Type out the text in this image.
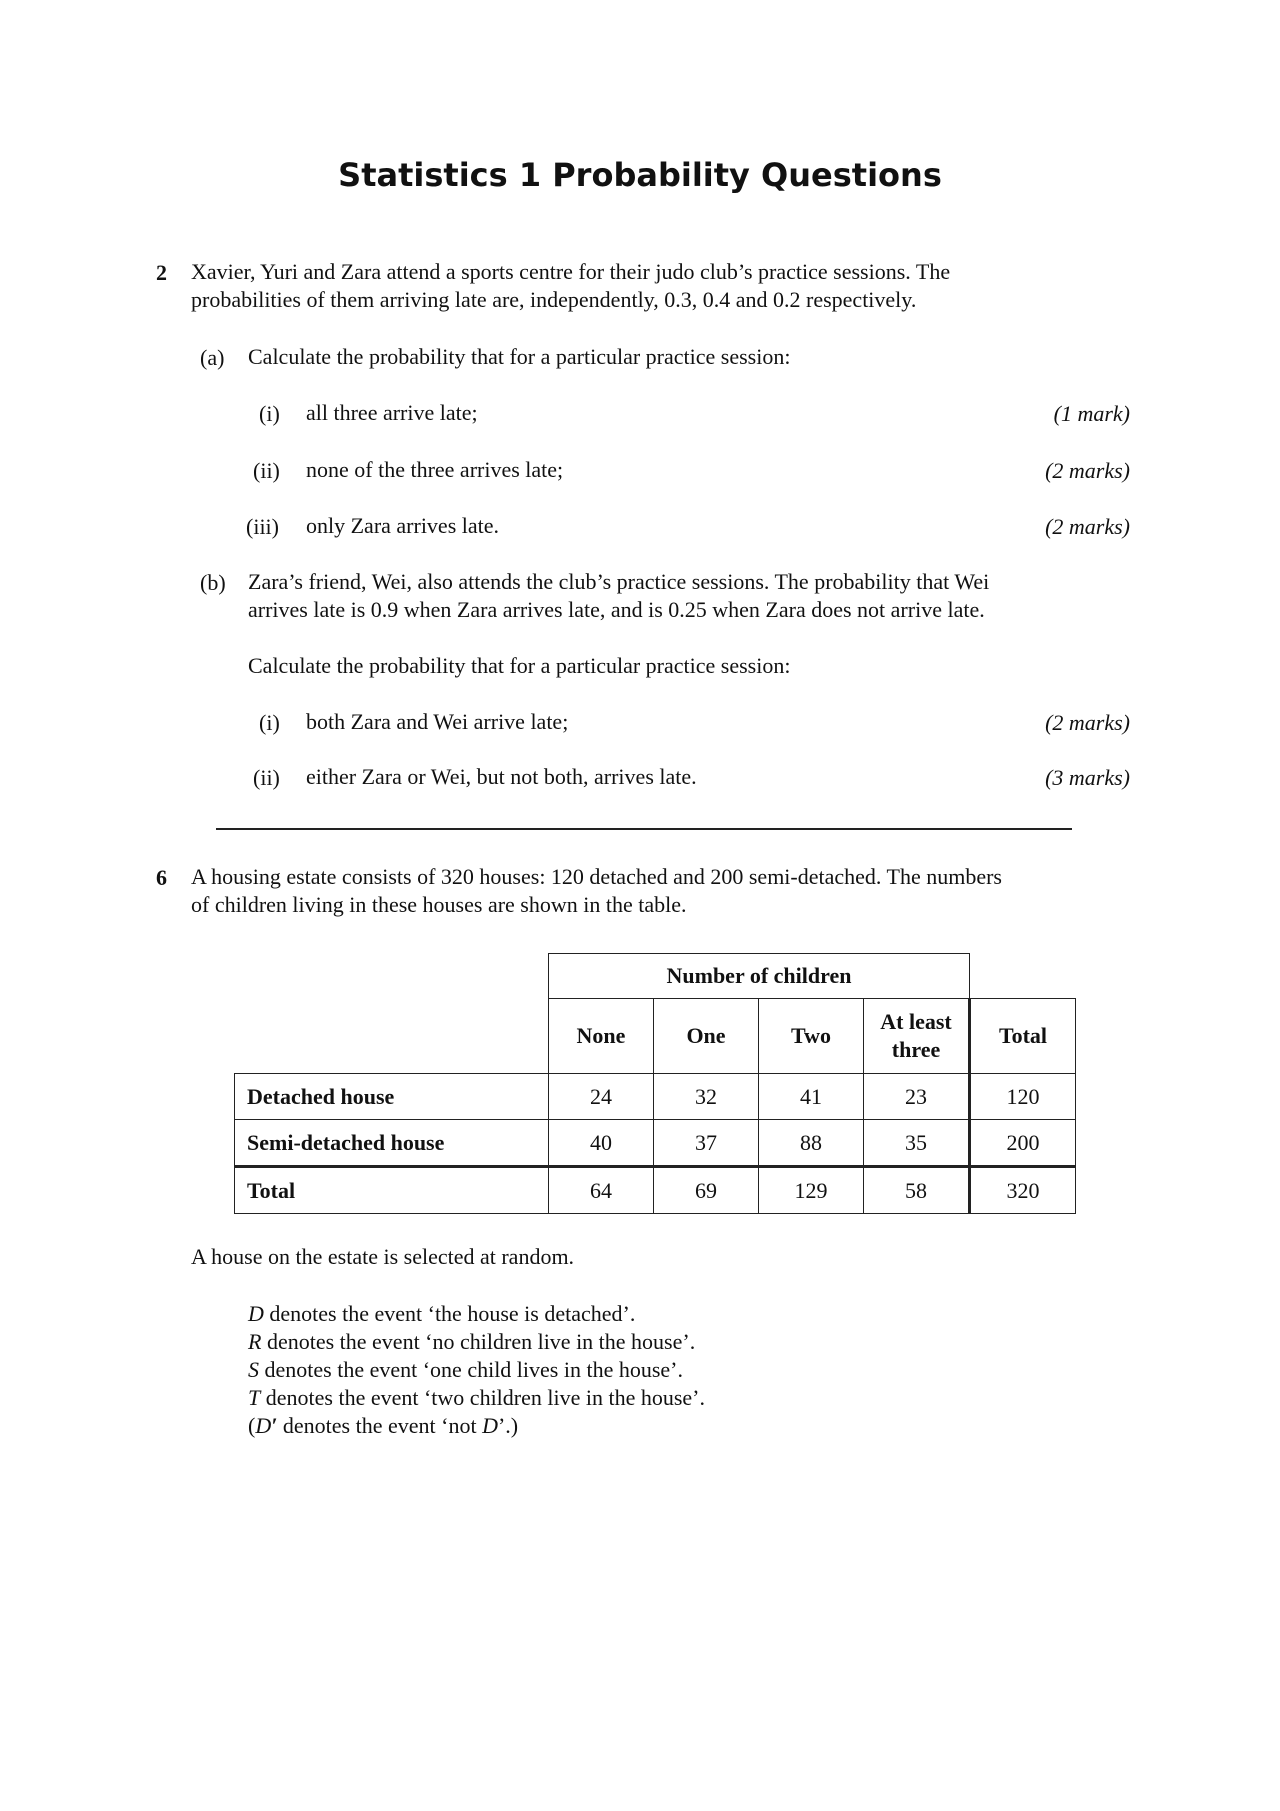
Statistics 1 Probability Questions
2 Xavier, Yuri and Zara attend a sports centre for their judo club’s practice sessions. The
probabilities of them arriving late are, independently, 0.3, 0.4 and 0.2 respectively.
(a) Calculate the probability that for a particular practice session:
(i) all three arrive late;	(1 mark)
(ii) none of the three arrives late;	(2 marks)
(iii) only Zara arrives late.	(2 marks)
(b) Zara’s friend, Wei, also attends the club’s practice sessions. The probability that Wei
arrives late is 0.9 when Zara arrives late, and is 0.25 when Zara does not arrive late.
Calculate the probability that for a particular practice session:
(i) both Zara and Wei arrive late;	(2 marks)
(ii) either Zara or Wei, but not both, arrives late.	(3 marks)
6 A housing estate consists of 320 houses: 120 detached and 200 semi-detached. The numbers
of children living in these houses are shown in the table.
	Number of children				
	None	One	Two	At least
three	Total
Detached house	24	32	41	23	120
Semi-detached house	40	37	88	35	200
Total	64	69	129	58	320
A house on the estate is selected at random.
D denotes the event ‘the house is detached’.
R denotes the event ‘no children live in the house’.
S denotes the event ‘one child lives in the house’.
T denotes the event ‘two children live in the house’.
(D′ denotes the event ‘not D’.)
